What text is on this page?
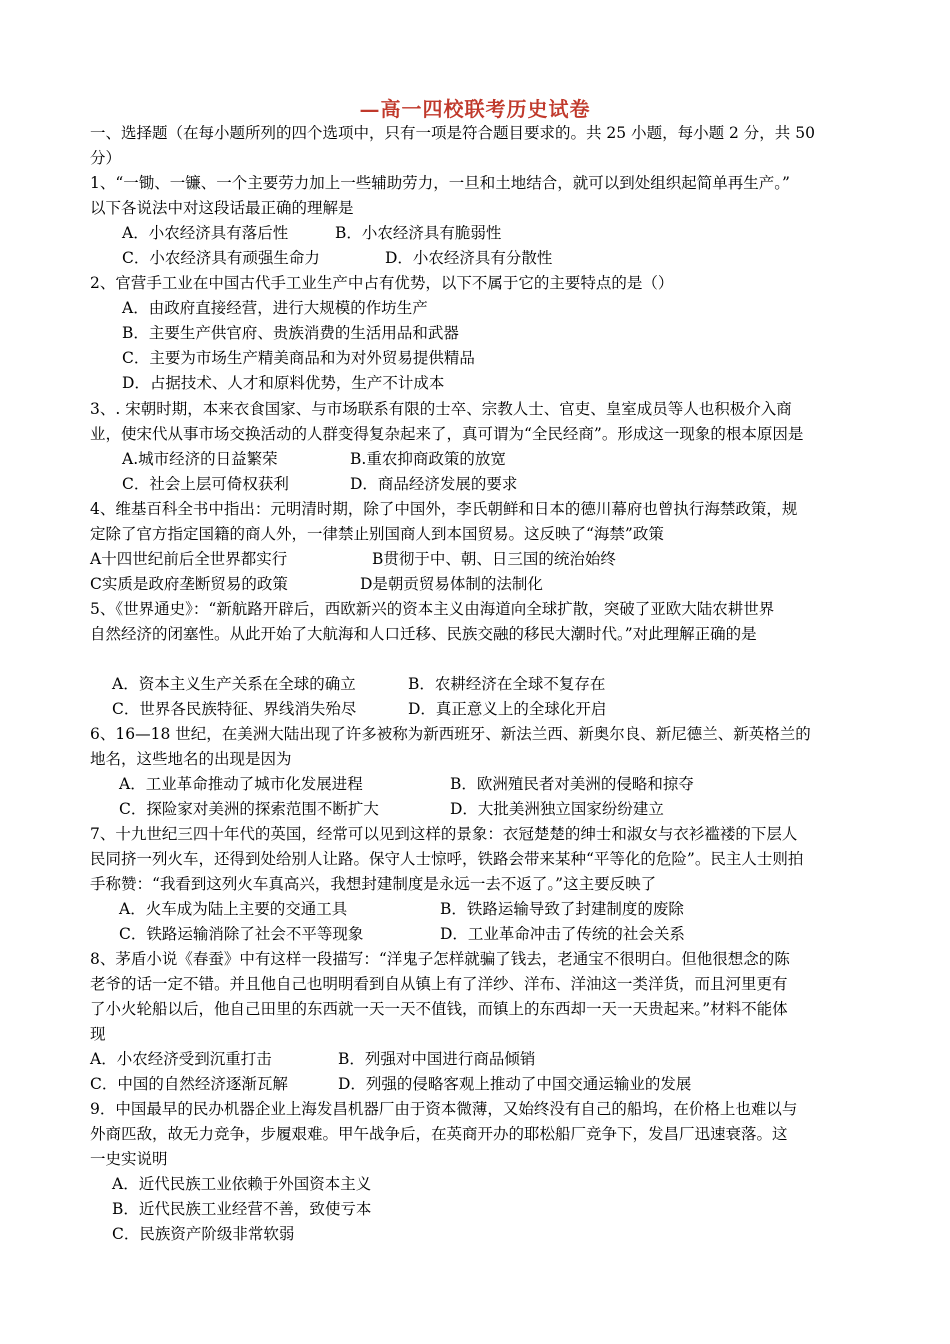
—高一四校联考历史试卷
一、选择题（在每小题所列的四个选项中，只有一项是符合题目要求的。共 25 小题，每小题 2 分，共 50
分）
1、“一锄、一镰、一个主要劳力加上一些辅助劳力，一旦和土地结合，就可以到处组织起简单再生产。”
以下各说法中对这段话最正确的理解是
A．小农经济具有落后性	B．小农经济具有脆弱性
C．小农经济具有顽强生命力	D．小农经济具有分散性
2、官营手工业在中国古代手工业生产中占有优势，以下不属于它的主要特点的是（）
A．由政府直接经营，进行大规模的作坊生产
B．主要生产供官府、贵族消费的生活用品和武器
C．主要为市场生产精美商品和为对外贸易提供精品
D．占据技术、人才和原料优势，生产不计成本
3、. 宋朝时期，本来衣食国家、与市场联系有限的士卒、宗教人士、官吏、皇室成员等人也积极介入商
业，使宋代从事市场交换活动的人群变得复杂起来了，真可谓为“全民经商”。形成这一现象的根本原因是
A.城市经济的日益繁荣	B.重农抑商政策的放宽
C．社会上层可倚权获利	D．商品经济发展的要求
4、维基百科全书中指出：元明清时期，除了中国外，李氏朝鲜和日本的德川幕府也曾执行海禁政策，规
定除了官方指定国籍的商人外，一律禁止别国商人到本国贸易。这反映了“海禁”政策
A十四世纪前后全世界都实行	B贯彻于中、朝、日三国的统治始终
C实质是政府垄断贸易的政策	D是朝贡贸易体制的法制化
5、《世界通史》：“新航路开辟后，西欧新兴的资本主义由海道向全球扩散，突破了亚欧大陆农耕世界
自然经济的闭塞性。从此开始了大航海和人口迁移、民族交融的移民大潮时代。”对此理解正确的是
A．资本主义生产关系在全球的确立	B．农耕经济在全球不复存在
C．世界各民族特征、界线消失殆尽	D．真正意义上的全球化开启
6、16—18 世纪，在美洲大陆出现了许多被称为新西班牙、新法兰西、新奥尔良、新尼德兰、新英格兰的
地名，这些地名的出现是因为
A．工业革命推动了城市化发展进程	B．欧洲殖民者对美洲的侵略和掠夺
C．探险家对美洲的探索范围不断扩大	D．大批美洲独立国家纷纷建立
7、十九世纪三四十年代的英国，经常可以见到这样的景象：衣冠楚楚的绅士和淑女与衣衫褴褛的下层人
民同挤一列火车，还得到处给别人让路。保守人士惊呼，铁路会带来某种“平等化的危险”。民主人士则拍
手称赞：“我看到这列火车真高兴，我想封建制度是永远一去不返了。”这主要反映了
A．火车成为陆上主要的交通工具	B．铁路运输导致了封建制度的废除
C．铁路运输消除了社会不平等现象	D．工业革命冲击了传统的社会关系
8、茅盾小说《春蚕》中有这样一段描写：“洋鬼子怎样就骗了钱去，老通宝不很明白。但他很想念的陈
老爷的话一定不错。并且他自己也明明看到自从镇上有了洋纱、洋布、洋油这一类洋货，而且河里更有
了小火轮船以后，他自己田里的东西就一天一天不值钱，而镇上的东西却一天一天贵起来。”材料不能体
现
A．小农经济受到沉重打击	B．列强对中国进行商品倾销
C．中国的自然经济逐渐瓦解	D．列强的侵略客观上推动了中国交通运输业的发展
9．中国最早的民办机器企业上海发昌机器厂由于资本微薄，又始终没有自己的船坞，在价格上也难以与
外商匹敌，故无力竞争，步履艰难。甲午战争后，在英商开办的耶松船厂竞争下，发昌厂迅速衰落。这
一史实说明
A．近代民族工业依赖于外国资本主义
B．近代民族工业经营不善，致使亏本
C．民族资产阶级非常软弱
